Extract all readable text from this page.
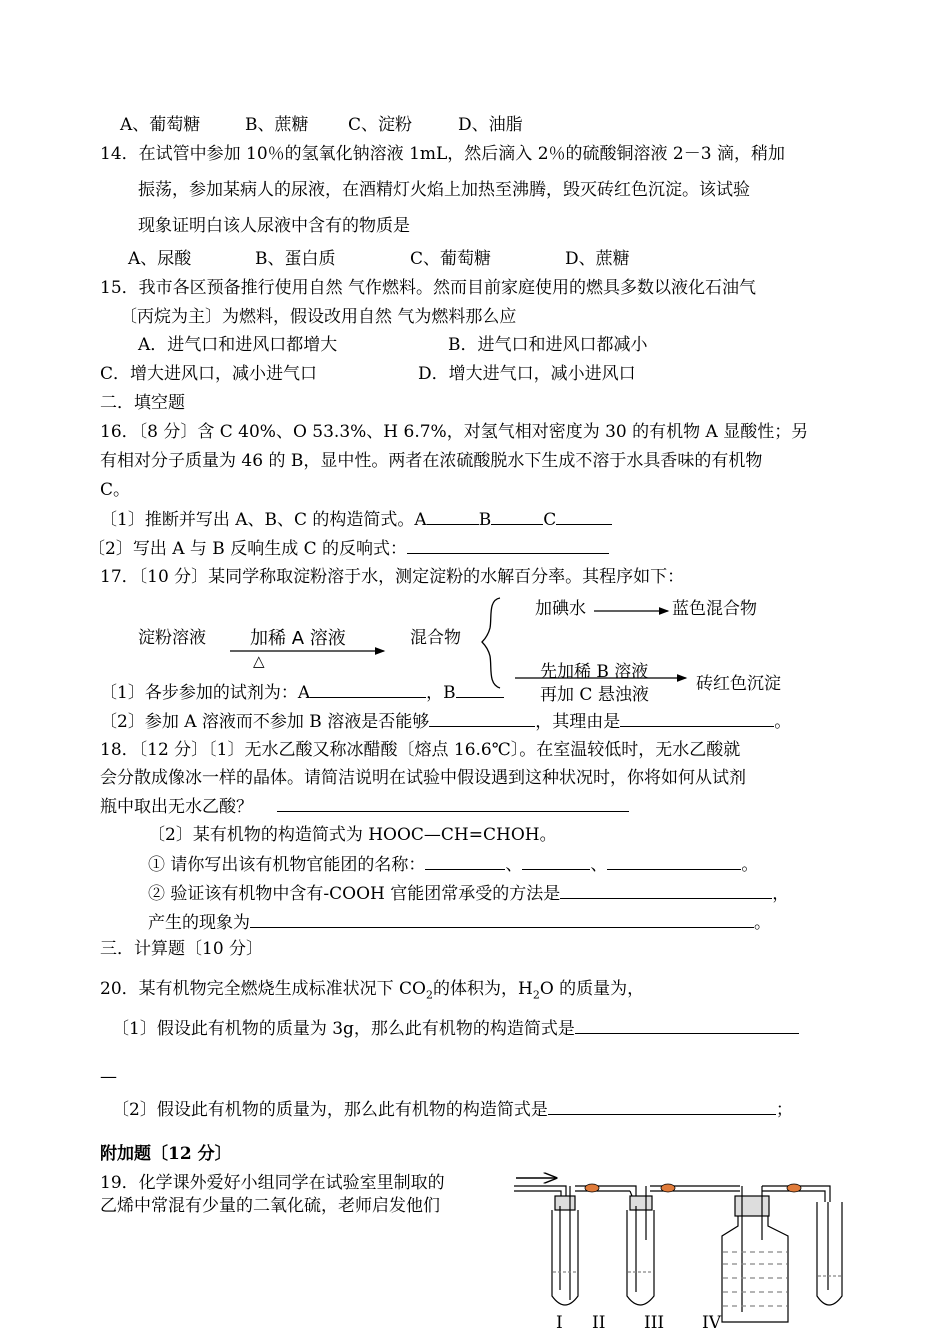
A、葡萄糖	B、蔗糖 C、淀粉	D、油脂
14．在试管中参加 10％的氢氧化钠溶液 1mL，然后滴入 2％的硫酸铜溶液 2－3 滴，稍加
振荡，参加某病人的尿液，在酒精灯火焰上加热至沸腾，毁灭砖红色沉淀。该试验
现象证明白该人尿液中含有的物质是
A、尿酸	B、蛋白质	C、葡萄糖	D、蔗糖
15．我市各区预备推行使用自然 气作燃料。然而目前家庭使用的燃具多数以液化石油气
〔丙烷为主〕为燃料，假设改用自然 气为燃料那么应
A．进气口和进风口都增大	B．进气口和进风口都减小
C．增大进风口，减小进气口	D．增大进气口，减小进风口
二．填空题
16．〔8 分〕含 C 40%、O 53.3%、H 6.7%，对氢气相对密度为 30 的有机物 A 显酸性；另
有相对分子质量为 46 的 B，显中性。两者在浓硫酸脱水下生成不溶于水具香味的有机物
C。
〔1〕推断并写出 A、B、C 的构造简式。A	B	C
〔2〕写出 A 与 B 反响生成 C 的反响式：
17．〔10 分〕某同学称取淀粉溶于水，测定淀粉的水解百分率。其程序如下：
淀粉溶液 加稀 A 溶液
△
混合物
加碘水	蓝色混合物
先加稀 B 溶液
再加 C 悬浊液
砖红色沉淀
〔1〕各步参加的试剂为：A	，B
〔2〕参加 A 溶液而不参加 B 溶液是否能够	，其理由是	。
18．〔12 分〕〔1〕无水乙酸又称冰醋酸〔熔点 16.6℃〕。在室温较低时，无水乙酸就
会分散成像冰一样的晶体。请简洁说明在试验中假设遇到这种状况时，你将如何从试剂
瓶中取出无水乙酸？
〔2〕某有机物的构造简式为 HOOC—CH=CHOH。
① 请你写出该有机物官能团的名称：	、	、	。
② 验证该有机物中含有-COOH 官能团常承受的方法是	，
产生的现象为	。
三．计算题〔10 分〕
20．某有机物完全燃烧生成标准状况下 $CO_2$的体积为，$H_2O$ 的质量为，
〔1〕假设此有机物的质量为 3g，那么此有机物的构造简式是
—
〔2〕假设此有机物的质量为，那么此有机物的构造简式是	；
附加题〔12 分〕
19．化学课外爱好小组同学在试验室里制取的
乙烯中常混有少量的二氧化硫，老师启发他们
I II III IV
